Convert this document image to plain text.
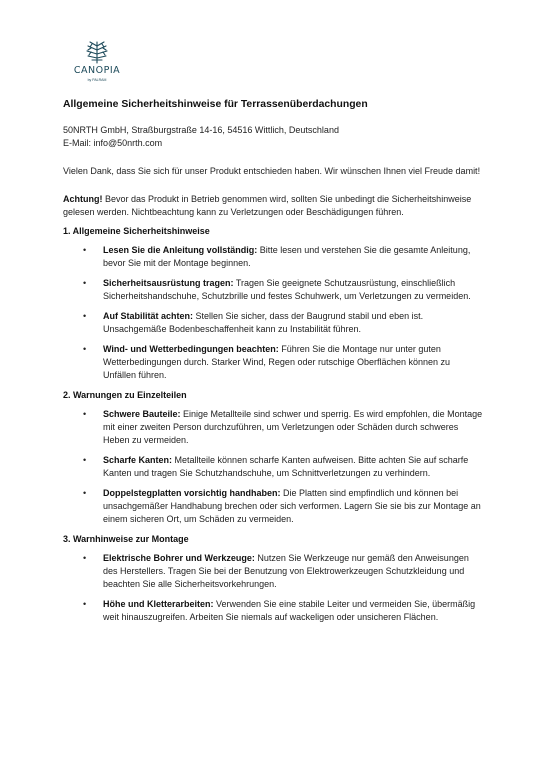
CANOPIA
by PALRAM
Allgemeine Sicherheitshinweise für Terrassenüberdachungen

50NRTH GmbH, Straßburgstraße 14-16, 54516 Wittlich, Deutschland

E-Mail: info@50nrth.com

Vielen Dank, dass Sie sich für unser Produkt entschieden haben. Wir wünschen Ihnen viel Freude damit!

Achtung! Bevor das Produkt in Betrieb genommen wird, sollten Sie unbedingt die Sicherheitshinweise gelesen werden. Nichtbeachtung kann zu Verletzungen oder Beschädigungen führen.

1. Allgemeine Sicherheitshinweise
• Lesen Sie die Anleitung vollständig: Bitte lesen und verstehen Sie die gesamte Anleitung, bevor Sie mit der Montage beginnen.
• Sicherheitsausrüstung tragen: Tragen Sie geeignete Schutzausrüstung, einschließlich Sicherheitshandschuhe, Schutzbrille und festes Schuhwerk, um Verletzungen zu vermeiden.
• Auf Stabilität achten: Stellen Sie sicher, dass der Baugrund stabil und eben ist. Unsachgemäße Bodenbeschaffenheit kann zu Instabilität führen.
• Wind- und Wetterbedingungen beachten: Führen Sie die Montage nur unter guten Wetterbedingungen durch. Starker Wind, Regen oder rutschige Oberflächen können zu Unfällen führen.
2. Warnungen zu Einzelteilen
• Schwere Bauteile: Einige Metallteile sind schwer und sperrig. Es wird empfohlen, die Montage mit einer zweiten Person durchzuführen, um Verletzungen oder Schäden durch schweres Heben zu vermeiden.
• Scharfe Kanten: Metallteile können scharfe Kanten aufweisen. Bitte achten Sie auf scharfe Kanten und tragen Sie Schutzhandschuhe, um Schnittverletzungen zu verhindern.
• Doppelstegplatten vorsichtig handhaben: Die Platten sind empfindlich und können bei unsachgemäßer Handhabung brechen oder sich verformen. Lagern Sie sie bis zur Montage an einem sicheren Ort, um Schäden zu vermeiden.
3. Warnhinweise zur Montage
• Elektrische Bohrer und Werkzeuge: Nutzen Sie Werkzeuge nur gemäß den Anweisungen des Herstellers. Tragen Sie bei der Benutzung von Elektrowerkzeugen Schutzkleidung und beachten Sie alle Sicherheitsvorkehrungen.
• Höhe und Kletterarbeiten: Verwenden Sie eine stabile Leiter und vermeiden Sie, übermäßig weit hinauszugreifen. Arbeiten Sie niemals auf wackeligen oder unsicheren Flächen.
